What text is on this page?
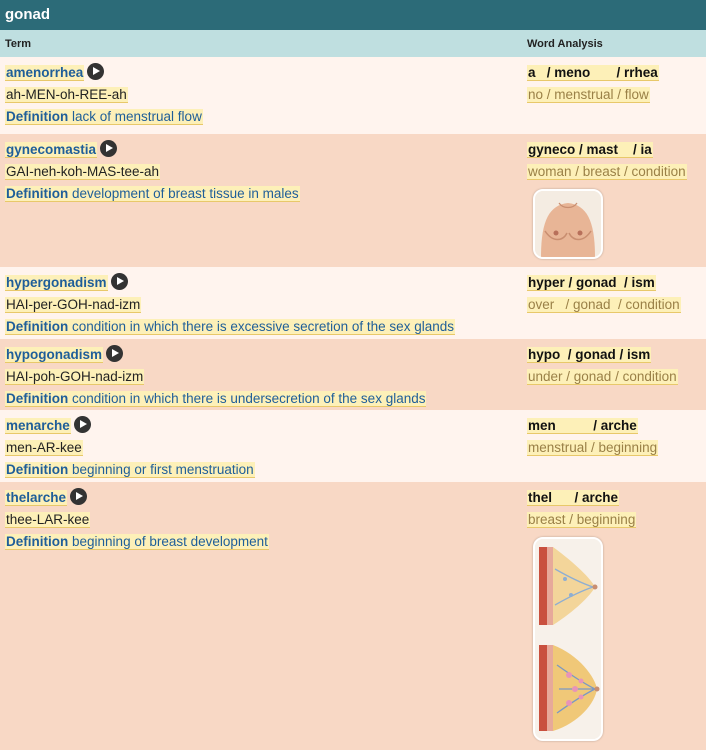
gonad
Term	Word Analysis
amenorrhea
ah-MEN-oh-REE-ah
Definition lack of menstrual flow
a   / meno       / rrhea
no / menstrual / flow
gynecomastia
GAI-neh-koh-MAS-tee-ah
Definition development of breast tissue in males
gyneco / mast    / ia
woman / breast / condition
hypergonadism
HAI-per-GOH-nad-izm
Definition condition in which there is excessive secretion of the sex glands
hyper / gonad  / ism
over   / gonad  / condition
hypogonadism
HAI-poh-GOH-nad-izm
Definition condition in which there is undersecretion of the sex glands
hypo  / gonad / ism
under / gonad / condition
menarche
men-AR-kee
Definition beginning or first menstruation
men          / arche
menstrual / beginning
thelarche
thee-LAR-kee
Definition beginning of breast development
thel      / arche
breast / beginning
